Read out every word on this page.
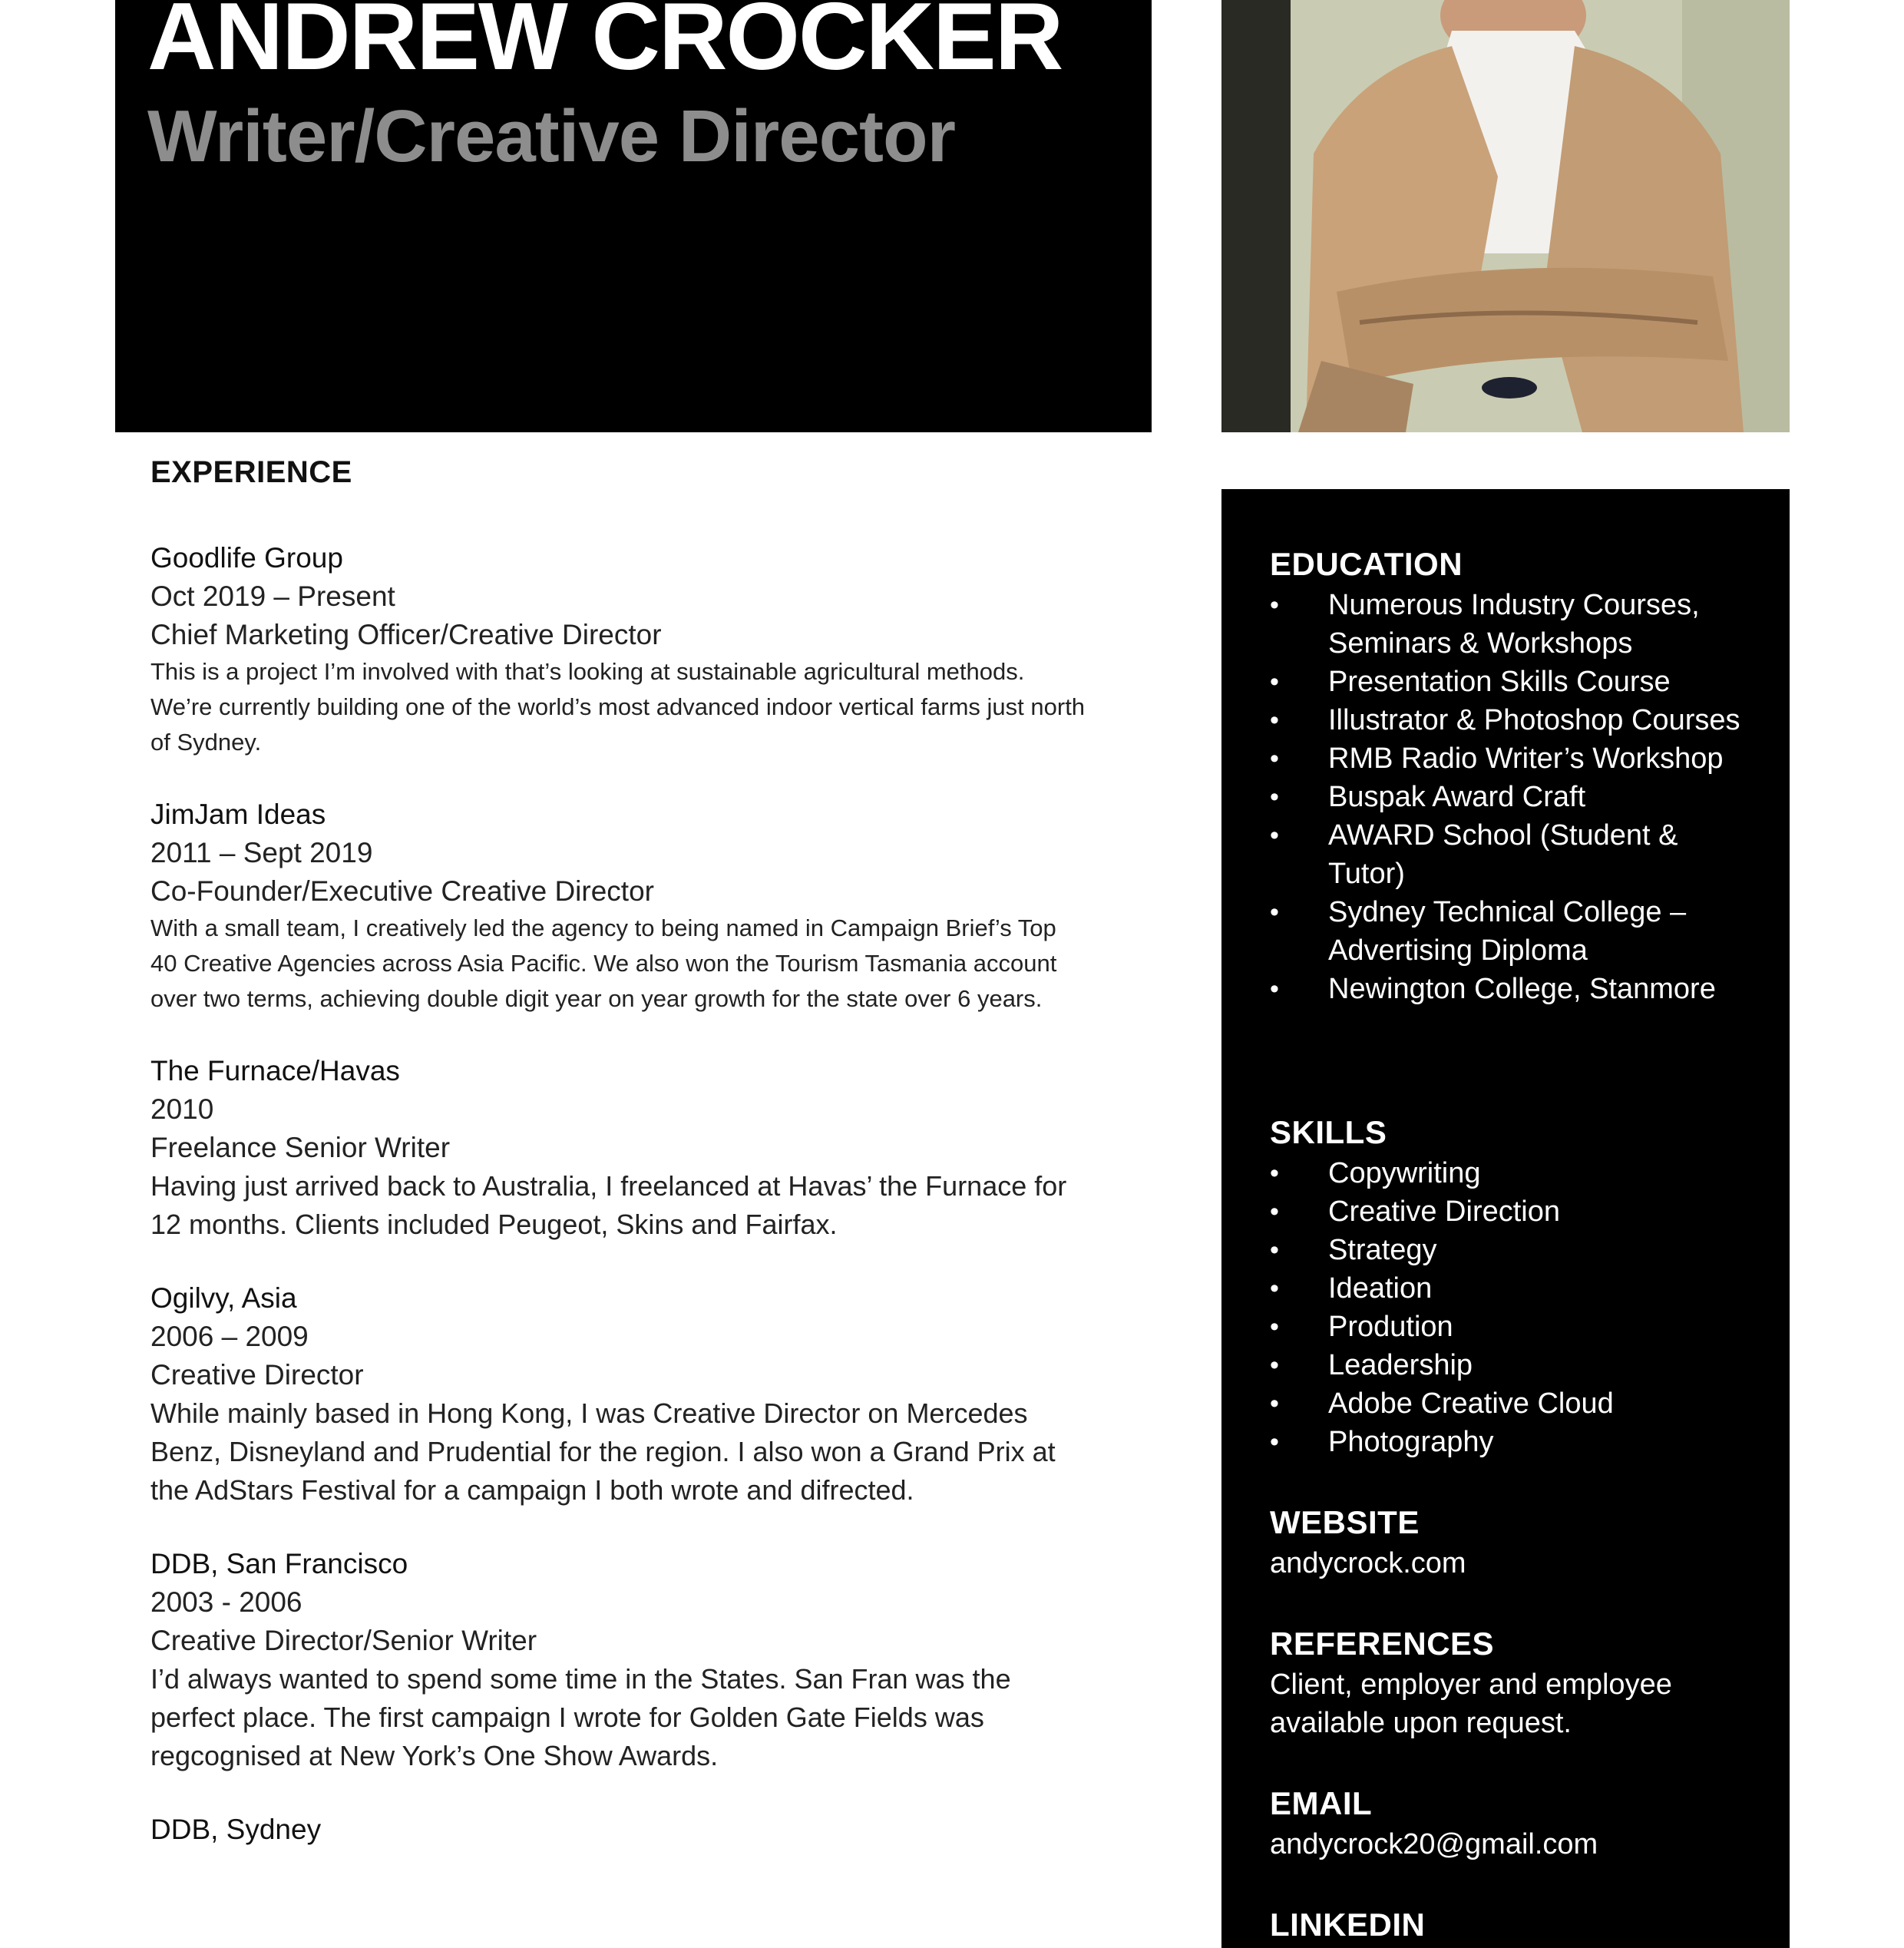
ANDREW CROCKER
Writer/Creative Director
EXPERIENCE
Goodlife Group
Oct 2019 – Present
Chief Marketing Officer/Creative Director
This is a project I’m involved with that’s looking at sustainable agricultural methods. We’re currently building one of the world’s most advanced indoor vertical farms just north of Sydney.
JimJam Ideas
2011 – Sept 2019
Co-Founder/Executive Creative Director
With a small team, I creatively led the agency to being named in Campaign Brief’s Top 40 Creative Agencies across Asia Pacific. We also won the Tourism Tasmania account over two terms, achieving double digit year on year growth for the state over 6 years.
The Furnace/Havas
2010
Freelance Senior Writer
Having just arrived back to Australia, I freelanced at Havas’ the Furnace for 12 months. Clients included Peugeot, Skins and Fairfax.
Ogilvy, Asia
2006 – 2009
Creative Director
While mainly based in Hong Kong, I was Creative Director on Mercedes Benz, Disneyland and Prudential for the region. I also won a Grand Prix at the AdStars Festival for a campaign I both wrote and difrected.
DDB, San Francisco
2003 - 2006
Creative Director/Senior Writer
I’d always wanted to spend some time in the States. San Fran was the perfect place. The first campaign I wrote for Golden Gate Fields was regcognised at New York’s One Show Awards.
DDB, Sydney
EDUCATION
• Numerous Industry Courses, Seminars & Workshops
• Presentation Skills Course
• Illustrator & Photoshop Courses
• RMB Radio Writer’s Workshop
• Buspak Award Craft
• AWARD School (Student & Tutor)
• Sydney Technical College – Advertising Diploma
• Newington College, Stanmore
SKILLS
• Copywriting
• Creative Direction
• Strategy
• Ideation
• Prodution
• Leadership
• Adobe Creative Cloud
• Photography
WEBSITE

andycrock.com

REFERENCES

Client, employer and employee available upon request.

EMAIL

andycrock20@gmail.com

LINKEDIN
